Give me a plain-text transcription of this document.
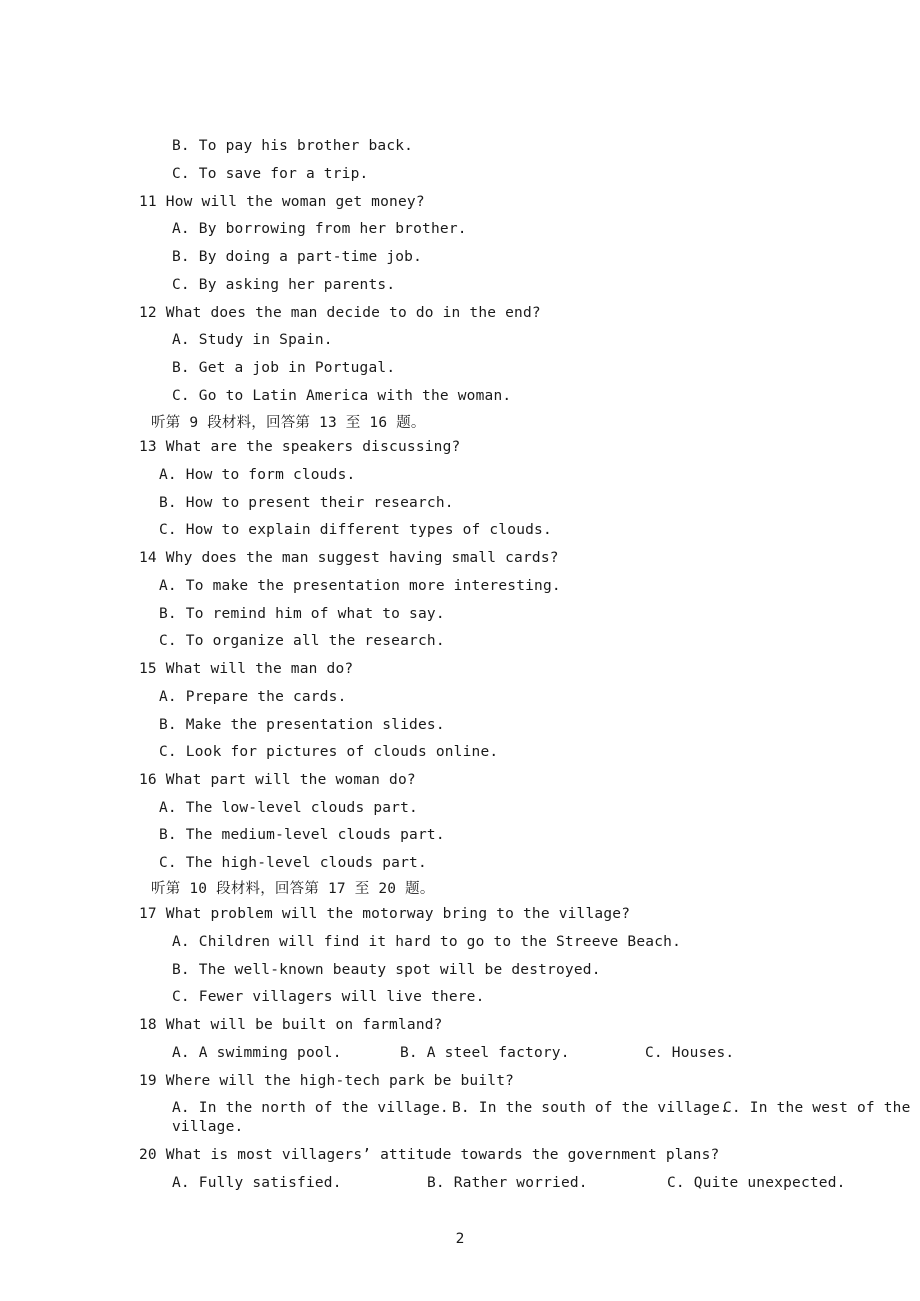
B. To pay his brother back.
C. To save for a trip.
11 How will the woman get money?
A. By borrowing from her brother.
B. By doing a part-time job.
C. By asking her parents.
12 What does the man decide to do in the end?
A. Study in Spain.
B. Get a job in Portugal.
C. Go to Latin America with the woman.
听第 9 段材料，回答第 13 至 16 题。
13 What are the speakers discussing?
A. How to form clouds.
B. How to present their research.
C. How to explain different types of clouds.
14 Why does the man suggest having small cards?
A. To make the presentation more interesting.
B. To remind him of what to say.
C. To organize all the research.
15 What will the man do?
A. Prepare the cards.
B. Make the presentation slides.
C. Look for pictures of clouds online.
16 What part will the woman do?
A. The low-level clouds part.
B. The medium-level clouds part.
C. The high-level clouds part.
听第 10 段材料，回答第 17 至 20 题。
17 What problem will the motorway bring to the village?
A. Children will find it hard to go to the Streeve Beach.
B. The well-known beauty spot will be destroyed.
C. Fewer villagers will live there.
18 What will be built on farmland?
A. A swimming pool.	B. A steel factory.	C. Houses.
19 Where will the high-tech park be built?
A. In the north of the village. B. In the south of the village.
C. In the west of the
village.
20 What is most villagers’ attitude towards the government plans?
A. Fully satisfied.	B. Rather worried.	C. Quite unexpected.
2
